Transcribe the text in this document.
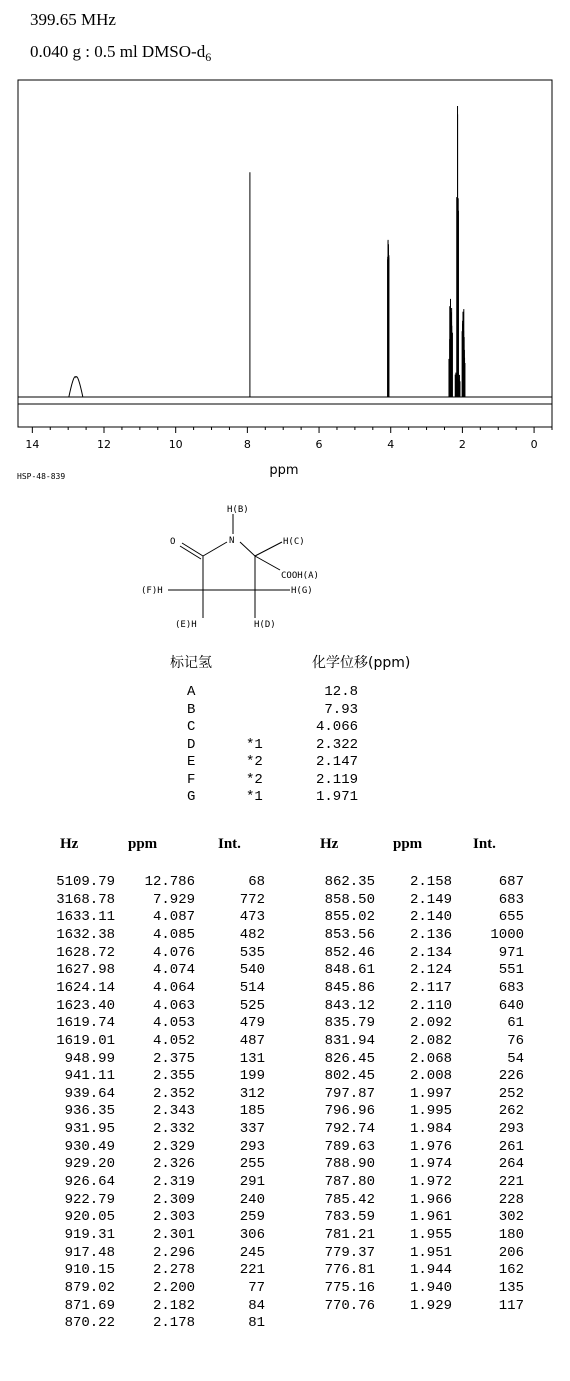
399.65 MHz
0.040 g : 0.5 ml DMSO-$d_6$
14	12	10	8	6	4	2	0
ppm
HSP-48-839
H(B)
O	N	H(C)
COOH(A)
(F)H	H(G)
(E)H	H(D)
标记氢	化学位移(ppm)
A	12.8
B	7.93
C	4.066
D	*1	2.322
E	*2	2.147
F	*2	2.119
G	*1	1.971
Hz	ppm	Int.	Hz	ppm	Int.
5109.79 12.786	68
3168.78	7.929	772
1633.11	4.087	473
1632.38	4.085	482
1628.72	4.076	535
1627.98	4.074	540
1624.14	4.064	514
1623.40	4.063	525
1619.74	4.053	479
1619.01	4.052	487
948.99	2.375	131
941.11	2.355	199
939.64	2.352	312
936.35	2.343	185
931.95	2.332	337
930.49	2.329	293
929.20	2.326	255
926.64	2.319	291
922.79	2.309	240
920.05	2.303	259
919.31	2.301	306
917.48	2.296	245
910.15	2.278	221
879.02	2.200	77
871.69	2.182	84
870.22	2.178	81
862.35 2.158	687
858.50 2.149	683
855.02 2.140	655
853.56 2.136	1000
852.46 2.134	971
848.61 2.124	551
845.86 2.117	683
843.12 2.110	640
835.79 2.092	61
831.94 2.082	76
826.45 2.068	54
802.45 2.008	226
797.87 1.997	252
796.96 1.995	262
792.74 1.984	293
789.63 1.976	261
788.90 1.974	264
787.80 1.972	221
785.42 1.966	228
783.59 1.961	302
781.21 1.955	180
779.37 1.951	206
776.81 1.944	162
775.16 1.940	135
770.76 1.929	117
